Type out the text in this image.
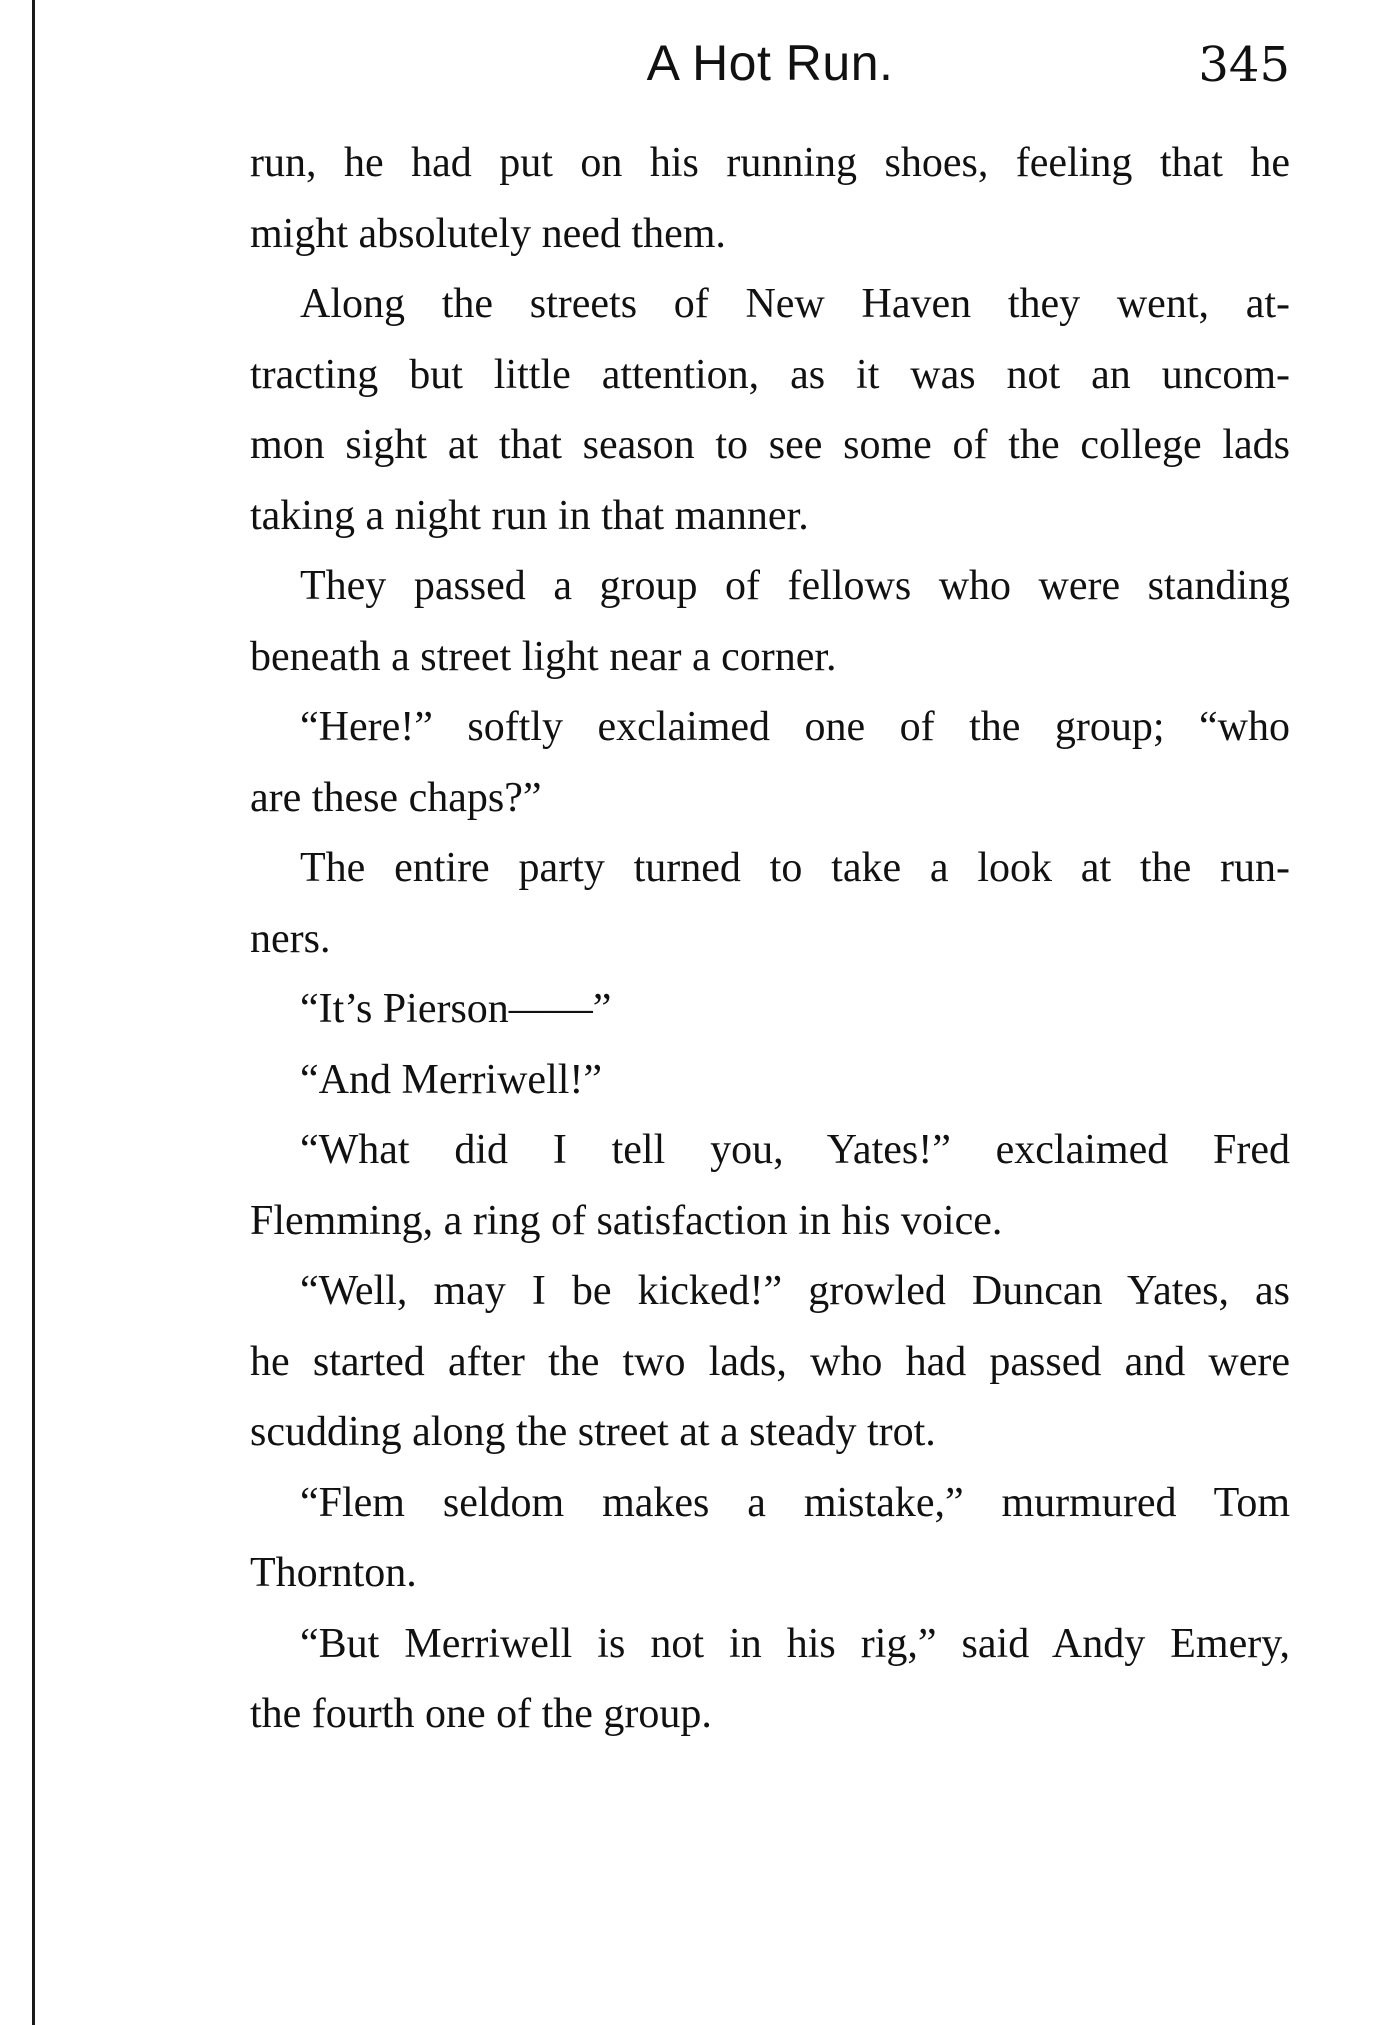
A Hot Run.	345
run, he had put on his running shoes, feeling that he
might absolutely need them.
Along the streets of New Haven they went, at-
tracting but little attention, as it was not an uncom-
mon sight at that season to see some of the college lads
taking a night run in that manner.
They passed a group of fellows who were standing
beneath a street light near a corner.
“Here!” softly exclaimed one of the group; “who
are these chaps?”
The entire party turned to take a look at the run-
ners.
“It’s Pierson——”
“And Merriwell!”
“What did I tell you, Yates!” exclaimed Fred
Flemming, a ring of satisfaction in his voice.
“Well, may I be kicked!” growled Duncan Yates, as
he started after the two lads, who had passed and were
scudding along the street at a steady trot.
“Flem seldom makes a mistake,” murmured Tom
Thornton.
“But Merriwell is not in his rig,” said Andy Emery,
the fourth one of the group.
